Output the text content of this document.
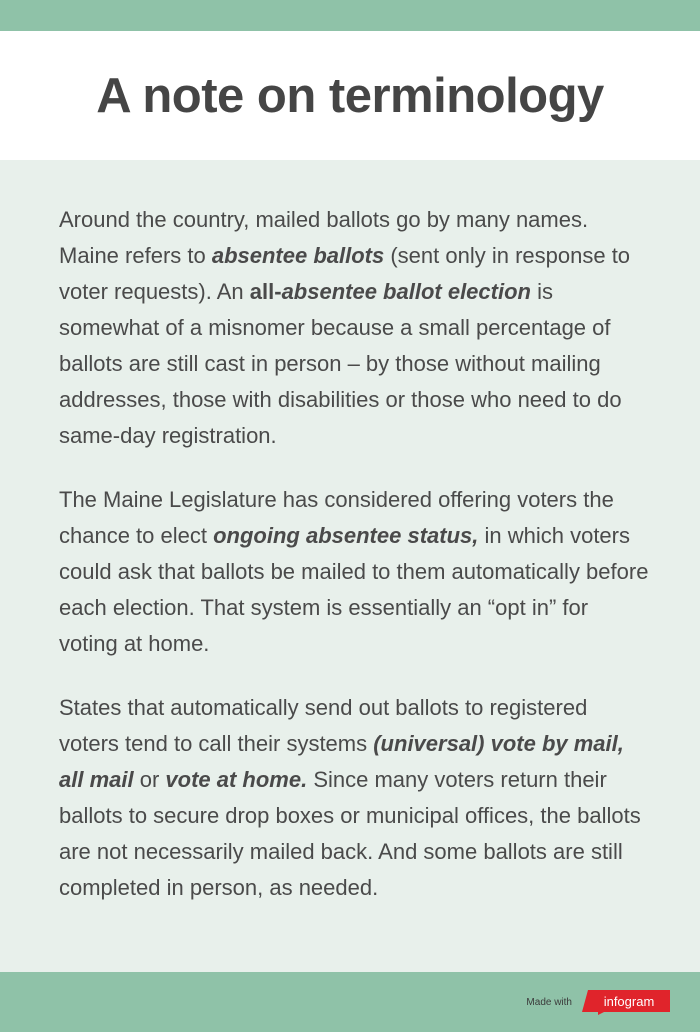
A note on terminology

Around the country, mailed ballots go by many names. Maine refers to absentee ballots (sent only in response to voter requests). An all-absentee ballot election is somewhat of a misnomer because a small percentage of ballots are still cast in person – by those without mailing addresses, those with disabilities or those who need to do same-day registration.

The Maine Legislature has considered offering voters the chance to elect ongoing absentee status, in which voters could ask that ballots be mailed to them automatically before each election. That system is essentially an “opt in” for voting at home.

States that automatically send out ballots to registered voters tend to call their systems (universal) vote by mail, all mail or vote at home. Since many voters return their ballots to secure drop boxes or municipal offices, the ballots are not necessarily mailed back. And some ballots are still completed in person, as needed.

Made with	infogram
